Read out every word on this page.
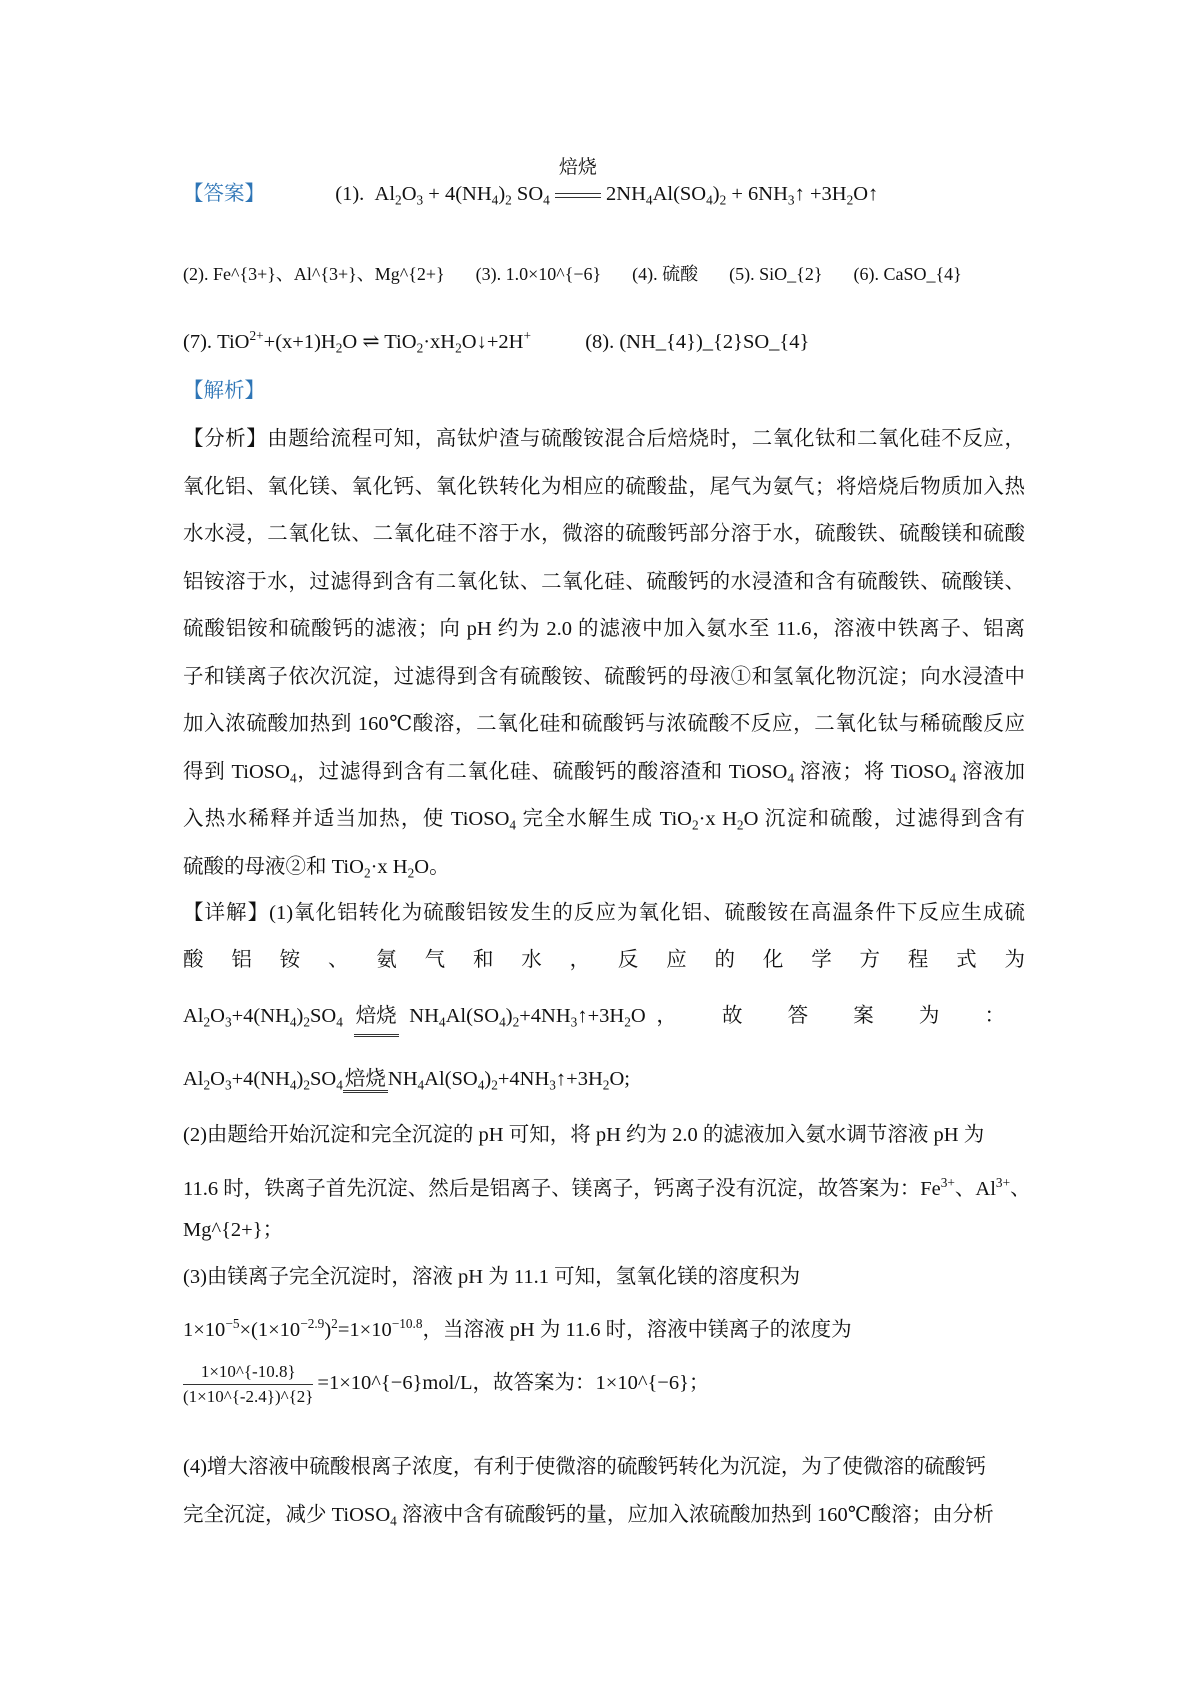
【答案】	(1). $Al_2O_3 + 4(NH_4)_2$ $SO_4$
焙烧
$2NH_4Al(SO_4)_2$ + $6NH_3↑$ $+3H_2O↑$
(2). Fe^{3+}、Al^{3+}、Mg^{2+} (3). 1.0×10^{−6} (4). 硫酸 (5). SiO_{2} (6). CaSO_{4}
(7). $TiO^{2+}+(x+1)H_2O$ ⇌ $TiO_2\cdot xH_2O↓+2H^+$	(8). (NH_{4})_{2}SO_{4}
【解析】
【分析】由题给流程可知，高钛炉渣与硫酸铵混合后焙烧时，二氧化钛和二氧化硅不反应，
氧化铝、氧化镁、氧化钙、氧化铁转化为相应的硫酸盐，尾气为氨气；将焙烧后物质加入热
水水浸，二氧化钛、二氧化硅不溶于水，微溶的硫酸钙部分溶于水，硫酸铁、硫酸镁和硫酸
铝铵溶于水，过滤得到含有二氧化钛、二氧化硅、硫酸钙的水浸渣和含有硫酸铁、硫酸镁、
硫酸铝铵和硫酸钙的滤液；向 pH 约为 2.0 的滤液中加入氨水至 11.6，溶液中铁离子、铝离
子和镁离子依次沉淀，过滤得到含有硫酸铵、硫酸钙的母液①和氢氧化物沉淀；向水浸渣中
加入浓硫酸加热到 160℃酸溶，二氧化硅和硫酸钙与浓硫酸不反应，二氧化钛与稀硫酸反应
得到 TiOSO$_4$，过滤得到含有二氧化硅、硫酸钙的酸溶渣和 TiOSO$_4$ 溶液；将 TiOSO$_4$ 溶液加
入热水稀释并适当加热，使 TiOSO$_4$ 完全水解生成 TiO$_2$·x $H_2O$ 沉淀和硫酸，过滤得到含有
硫酸的母液②和 TiO$_2$·x $H_2O$。
【详解】(1)氧化铝转化为硫酸铝铵发生的反应为氧化铝、硫酸铵在高温条件下反应生成硫
酸 铝 铵 、 氨 气 和 水 ， 反 应 的 化 学 方 程 式 为
$Al_2O_3+4(NH_4)_2SO_4$ 焙烧 $NH_4Al(SO_4)_2+4NH_3↑+3H_2O$ ， 故 答 案 为 ：
$Al_2O_3+4(NH_4)_2SO_4$焙烧$NH_4Al(SO_4)_2+4NH_3↑+3H_2O$;
(2)由题给开始沉淀和完全沉淀的 pH 可知，将 pH 约为 2.0 的滤液加入氨水调节溶液 pH 为
11.6 时，铁离子首先沉淀、然后是铝离子、镁离子，钙离子没有沉淀，故答案为：$Fe^{3+}$、$Al^{3+}$、
Mg^{2+}；
(3)由镁离子完全沉淀时，溶液 pH 为 11.1 可知，氢氧化镁的溶度积为
$1\times 10^{-5}\times(1\times 10^{-2.9})^2=1\times 10^{-10.8}$，当溶液 pH 为 11.6 时，溶液中镁离子的浓度为
$\frac{1\times 10\^{}\{-10.8\}}{(1\times 10\^{}\{-2.4\})\^{}\{2\}}$ =1×10^{−6}mol/L，故答案为：1×10^{−6}；
(4)增大溶液中硫酸根离子浓度，有利于使微溶的硫酸钙转化为沉淀，为了使微溶的硫酸钙
完全沉淀，减少 TiOSO$_4$ 溶液中含有硫酸钙的量，应加入浓硫酸加热到 160℃酸溶；由分析
